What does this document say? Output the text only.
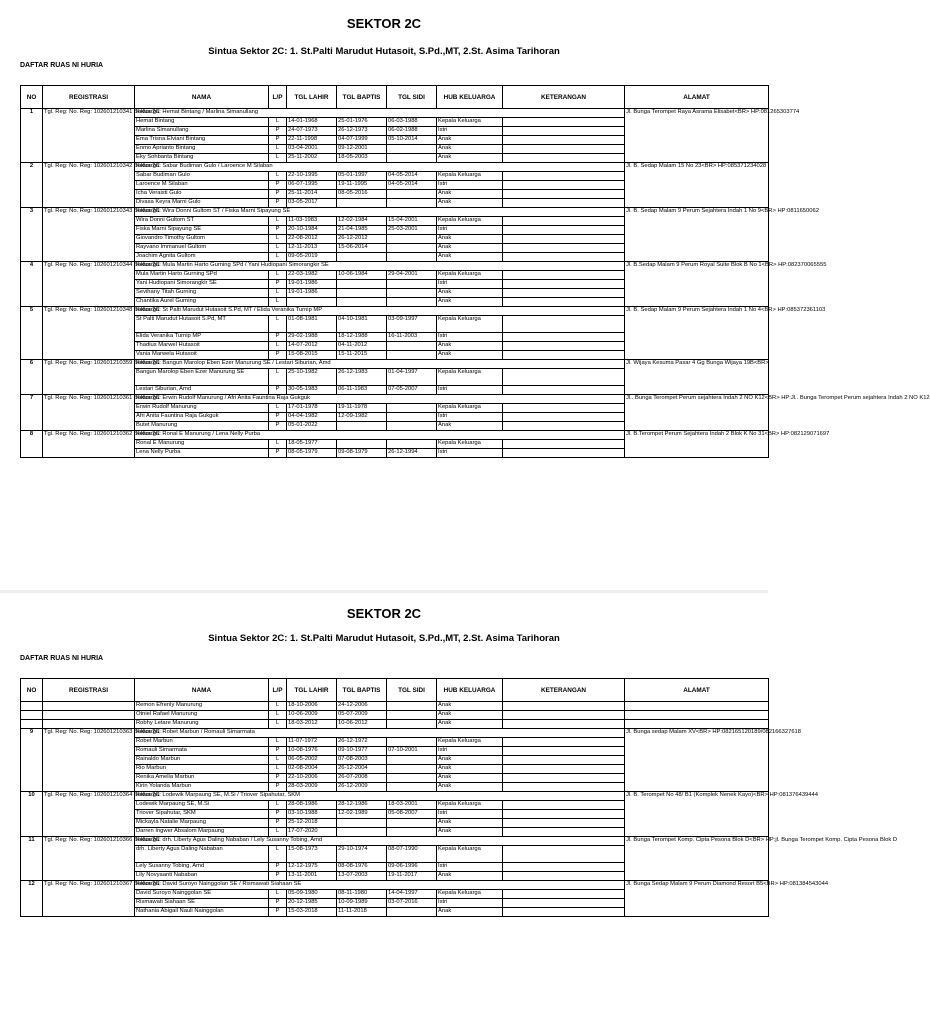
SEKTOR 2C
Sintua Sektor 2C: 1. St.Palti Marudut Hutasoit, S.Pd.,MT, 2.St. Asima Tarihoran
DAFTAR RUAS NI HURIA
NO	REGISTRASI	NAMA	L/P	TGL LAHIR	TGL BAPTIS	TGL SIDI	HUB KELUARGA	KETERANGAN	ALAMAT
1	Tgl. Reg: No. Reg: 102601210341 Sektor 2C	Keluarga: Hemat Bintang / Marlina Simanullang							Jl. Bunga Terompet Raya Asrama Elisabet<BR> HP:081265303774
		Hemat Bintang	L	14-01-1968	25-01-1976	06-03-1988	Kepala Keluarga		
		Marlina Simanullang	P	24-07-1973	26-12-1973	06-02-1988	Istri		
		Ema Trisna Elviani Bintang	P	22-11-1998	04-07-1999	05-10-2014	Anak		
		Enmo Aprianto Bintang	L	03-04-2001	09-12-2001		Anak		
		Eky Sohbanta Bintang	L	25-11-2002	18-05-2003		Anak		
2	Tgl. Reg: No. Reg: 102601210342 Sektor 2C	Keluarga: Sabar Budiman Gulo / Laroence M Silaban							Jl. B. Sedap Malam 15 No 23<BR> HP:085371234028
		Sabar Budiman Gulo	L	22-10-1995	05-01-1997	04-05-2014	Kepala Keluarga		
		Laroence M Silaban	P	06-07-1995	19-11-1995	04-05-2014	Istri		
		Icha Veraisti Gulo	P	25-11-2014	08-05-2016		Anak		
		Divasa Keyra Marni Gulo	P	03-05-2017			Anak		
3	Tgl. Reg: No. Reg: 102601210343 Sektor 2C	Keluarga: Wira Donni Gultom ST / Fiska Marni Sipayung SE							Jl. B. Sedap Malam 9 Perum Sejahtera Indah 1 No 9<BR> HP:0811650062
		Wira Donni Gultom ST	L	11-03-1983	12-02-1984	15-04-2001	Kepala Keluarga		
		Fiska Marni Sipayung SE	P	20-10-1984	21-04-1985	25-03-2001	Istri		
		Giovandro Timothy Gultom	L	22-08-2012	26-12-2012		Anak		
		Rayvano Immanuel Gultom	L	12-11-2013	15-06-2014		Anak		
		Joachim Agnita Gultom	L	09-05-2019			Anak		
4	Tgl. Reg: No. Reg: 102601210344 Sektor 2C	Keluarga: Mula Martin Harto Gurning SPd / Yani Hudiopani Simorangkir SE							Jl. B.Sedap Malam 9 Perum Royal Suite Blok B No 1<BR> HP:082370065555
		Mula Martin Harto Gurning SPd	L	22-03-1982	10-06-1984	29-04-2001	Kepala Keluarga		
		Yani Hudiopani Simorangkir SE	P	19-01-1986			Istri		
		Sevihany Titah Gurning	L	19-01-1986			Anak		
		Chantika Aurel Gurning	L				Anak		
5	Tgl. Reg: No. Reg: 102601210348 Sektor 2C	Keluarga: St Palti Marudut Hutasoit S.Pd, MT / Elida Veranika Turnip MP							Jl. B. Sedap Malam 9 Perum Sejahtera Indah 1 No 4<BR> HP:085372361103
		St Palti Marudut Hutasoit S.Pd, MT	L	01-08-1981	04-10-1981	03-09-1997	Kepala Keluarga		
		Elida Veranika Turnip MP	P	29-02-1988	18-12-1988	16-11-2003	Istri		
		Thadius Marwel Hutasoit	L	14-07-2012	04-11-2012		Anak		
		Vania Marwela Hutasoit	P	15-08-2015	15-11-2015		Anak		
6	Tgl. Reg: No. Reg: 102601210359 Sektor 2C	Keluarga: Bangun Marolop Eben Ezer Manurung SE / Lestari Siburian, Amd							Jl. Wijaya Kesuma Pasar 4 Gg Bunga Wijaya 19B<BR>
		Bangun Marolop Eben Ezer Manurung SE	L	25-10-1982	26-12-1983	01-04-1997	Kepala Keluarga		
		Lestari Siburian, Amd	P	30-05-1983	06-11-1983	07-05-2007	Istri		
7	Tgl. Reg: No. Reg: 102601210361 Sektor 2C	Keluarga: Erwin Rudolf Manurung / Afri Anita Fauntina Raja Gukguk							Jl.. Bunga Terompet Perum sejahtera Indah 2 NO K12<BR> HP:Jl.. Bunga Terompet Perum sejahtera Indah 2 NO K12
		Erwin Rudolf Manurung	L	17-01-1978	19-11-1978		Kepala Keluarga		
		Afri Anita Fauntina Raja Gukguk	P	04-04-1982	12-09-1982		Istri		
		Butet Manurung	P	05-01-2022			Anak		
8	Tgl. Reg: No. Reg: 102601210362 Sektor 2C	Keluarga: Ronal E Manurung / Lena Nelly Purba							Jl. B.Terompet Perum Sejahtera Indah 2 Blok K No 31<BR> HP:082129071697
		Ronal E Manurung	L	18-05-1977			Kepala Keluarga		
		Lena Nelly Purba	P	08-05-1979	09-08-1979	26-12-1994	Istri		
SEKTOR 2C
Sintua Sektor 2C: 1. St.Palti Marudut Hutasoit, S.Pd.,MT, 2.St. Asima Tarihoran
DAFTAR RUAS NI HURIA
NO	REGISTRASI	NAMA	L/P	TGL LAHIR	TGL BAPTIS	TGL SIDI	HUB KELUARGA	KETERANGAN	ALAMAT
		Remon Efrenly Manurung	L	18-10-2006	24-12-2006		Anak		
		Otniel Rafael Manurung	L	10-06-2009	05-07-2009		Anak		
		Robhy Letare Manurung	L	18-03-2012	10-06-2012		Anak		
9	Tgl. Reg: No. Reg: 102601210363 Sektor 2C	Keluarga: Robet Marbun / Romauli Simarmata							Jl. Bunga sedap Malam XV<BR> HP:082165120189/082166327618
		Robet Marbun	L	11-07-1972	26-12-1972		Kepala Keluarga		
		Romauli Simarmata	P	10-08-1976	09-10-1977	07-10-2001	Istri		
		Rainaldo Marbun	L	06-05-2002	07-08-2003		Anak		
		Rio Marbun	L	02-08-2004	26-12-2004		Anak		
		Renika Amelia Marbun	P	22-10-2006	26-07-2008		Anak		
		Kirin Yolanda Marbun	P	28-03-2009	26-12-2009		Anak		
10	Tgl. Reg: No. Reg: 102601210364 Sektor 2C	Keluarga: Lodewik Marpaung SE, M.Si / Triover Sipahutar, SKM							Jl. B. Terompet No 48/ B1 (Komplek Nenek Kayo)<BR> HP:081376439444
		Lodewik Marpaung SE, M.Si	L	28-08-1986	28-12-1986	18-03-2001	Kepala Keluarga		
		Triover Sipahutar, SKM	P	03-10-1988	12-02-1989	05-08-2007	Istri		
		Mickayla Natalie Marpaung	P	25-12-2018			Anak		
		Darren Ingwer Absalom Marpaung	L	17-07-2020			Anak		
11	Tgl. Reg: No. Reg: 102601210366 Sektor 2C	Keluarga: drh. Liberty Agus Daling Nababan / Lely Susanny Tobing, Amd							Jl. Bunga Terompet Komp. Cipta Pesona Blok D<BR> HP:jl. Bunga Terompet Komp. Cipta Pesona Blok D
		drh. Liberty Agus Daling Nababan	L	15-08-1973	29-10-1974	08-07-1990	Kepala Keluarga		
		Lely Susanny Tobing, Amd	P	12-12-1975	08-08-1976	09-06-1996	Istri		
		Lily Novyaanti Nababan	P	13-11-2001	13-07-2003	19-11-2017	Anak		
12	Tgl. Reg: No. Reg: 102601210367 Sektor 2C	Keluarga: David Suroyo Nainggolan SE / Rismawati Siahaan SE							Jl. Bunga Sedap Malam 9 Perum Diamond Resort B5<BR> HP:081384543044
		David Suroyo Nainggolan SE	L	05-09-1980	08-11-1980	14-04-1997	Kepala Keluarga		
		Rismawati Siahaan SE	P	20-12-1985	10-09-1989	03-07-2016	Istri		
		Nathania Abigail Nauli Nainggolan	P	15-03-2018	11-11-2018		Anak		
